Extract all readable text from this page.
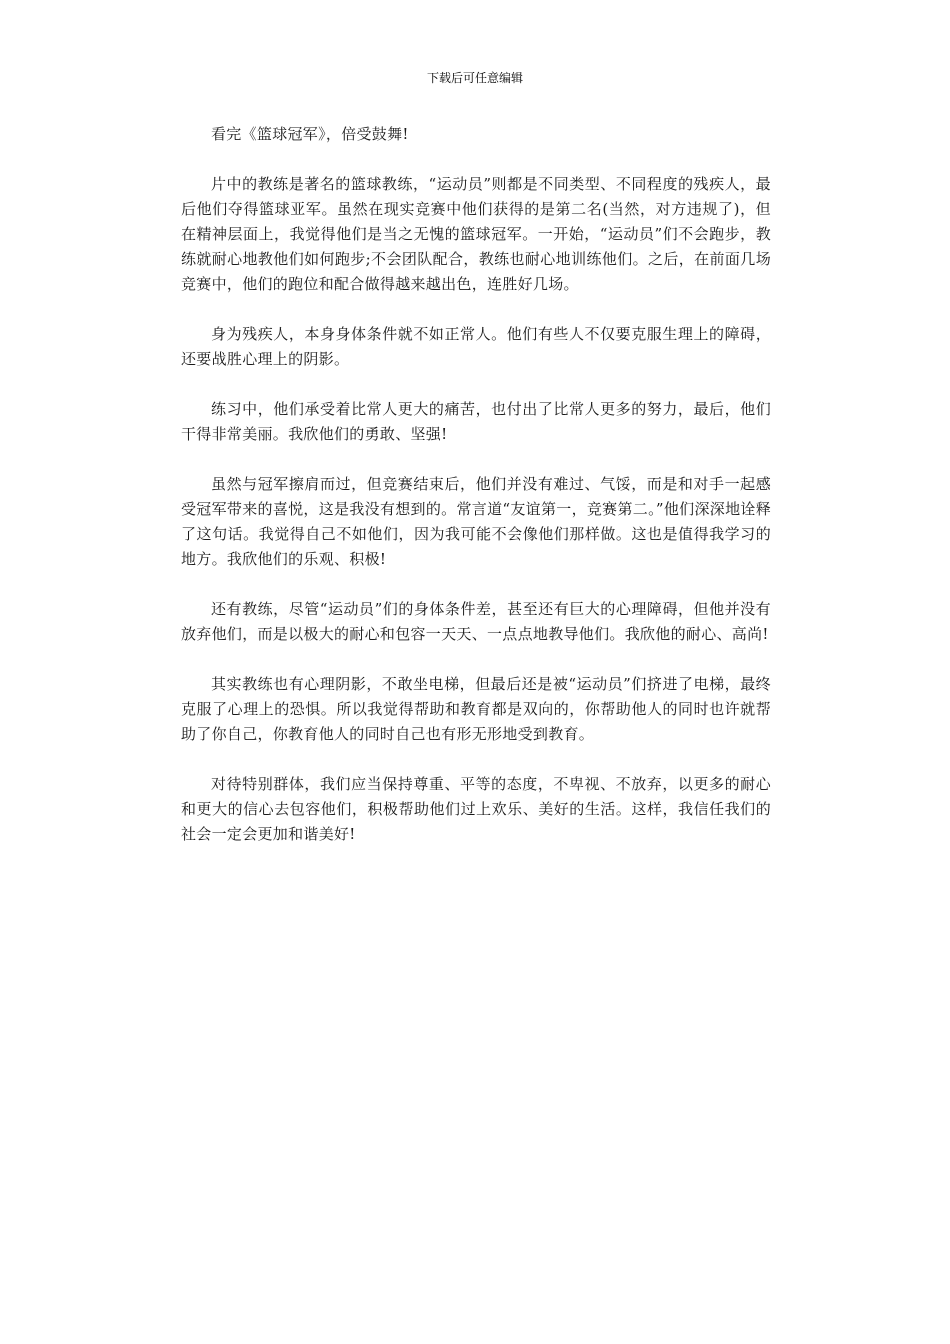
下载后可任意编辑

看完《篮球冠军》，倍受鼓舞!

片中的教练是著名的篮球教练，“运动员”则都是不同类型、不同程度的残疾人，最后他们夺得篮球亚军。虽然在现实竞赛中他们获得的是第二名(当然，对方违规了)，但在精神层面上，我觉得他们是当之无愧的篮球冠军。一开始，“运动员”们不会跑步，教练就耐心地教他们如何跑步;不会团队配合，教练也耐心地训练他们。之后，在前面几场竞赛中，他们的跑位和配合做得越来越出色，连胜好几场。

身为残疾人，本身身体条件就不如正常人。他们有些人不仅要克服生理上的障碍，还要战胜心理上的阴影。

练习中，他们承受着比常人更大的痛苦，也付出了比常人更多的努力，最后，他们干得非常美丽。我欣他们的勇敢、坚强!

虽然与冠军擦肩而过，但竞赛结束后，他们并没有难过、气馁，而是和对手一起感受冠军带来的喜悦，这是我没有想到的。常言道“友谊第一，竞赛第二。”他们深深地诠释了这句话。我觉得自己不如他们，因为我可能不会像他们那样做。这也是值得我学习的地方。我欣他们的乐观、积极!

还有教练，尽管“运动员”们的身体条件差，甚至还有巨大的心理障碍，但他并没有放弃他们，而是以极大的耐心和包容一天天、一点点地教导他们。我欣他的耐心、高尚!

其实教练也有心理阴影，不敢坐电梯，但最后还是被“运动员”们挤进了电梯，最终克服了心理上的恐惧。所以我觉得帮助和教育都是双向的，你帮助他人的同时也许就帮助了你自己，你教育他人的同时自己也有形无形地受到教育。

对待特别群体，我们应当保持尊重、平等的态度，不卑视、不放弃，以更多的耐心和更大的信心去包容他们，积极帮助他们过上欢乐、美好的生活。这样，我信任我们的社会一定会更加和谐美好!
